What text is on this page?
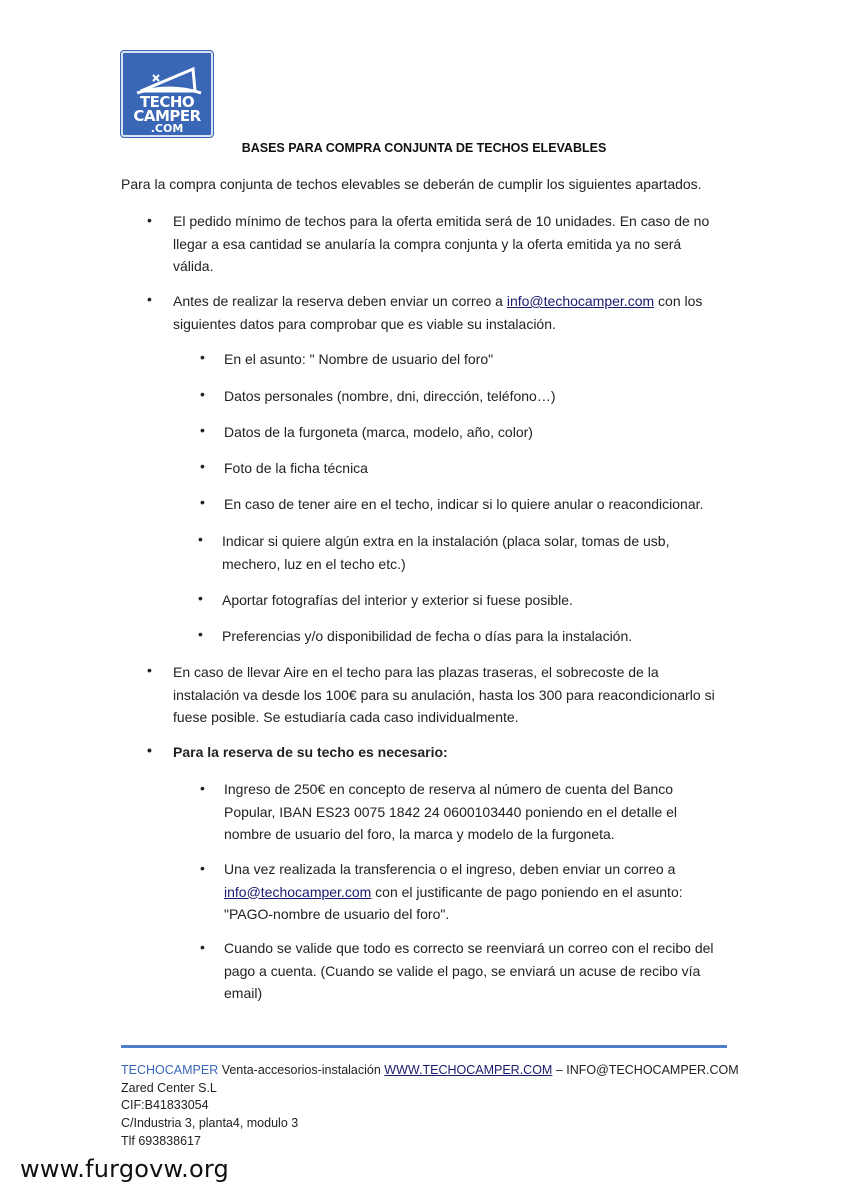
TECHO
CAMPER
.COM
BASES PARA COMPRA CONJUNTA DE TECHOS ELEVABLES
Para la compra conjunta de techos elevables se deberán de cumplir los siguientes apartados.
• El pedido mínimo de techos para la oferta emitida será de 10 unidades. En caso de no
llegar a esa cantidad se anularía la compra conjunta y la oferta emitida ya no será
válida.
• Antes de realizar la reserva deben enviar un correo a info@techocamper.com con los
siguientes datos para comprobar que es viable su instalación.
• En el asunto: " Nombre de usuario del foro"
• Datos personales (nombre, dni, dirección, teléfono…)
• Datos de la furgoneta (marca, modelo, año, color)
• Foto de la ficha técnica
• En caso de tener aire en el techo, indicar si lo quiere anular o reacondicionar.
• Indicar si quiere algún extra en la instalación (placa solar, tomas de usb,
mechero, luz en el techo etc.)
• Aportar fotografías del interior y exterior si fuese posible.
• Preferencias y/o disponibilidad de fecha o días para la instalación.
• En caso de llevar Aire en el techo para las plazas traseras, el sobrecoste de la
instalación va desde los 100€ para su anulación, hasta los 300 para reacondicionarlo si
fuese posible. Se estudiaría cada caso individualmente.
• Para la reserva de su techo es necesario:
• Ingreso de 250€ en concepto de reserva al número de cuenta del Banco
Popular, IBAN ES23 0075 1842 24 0600103440 poniendo en el detalle el
nombre de usuario del foro, la marca y modelo de la furgoneta.
• Una vez realizada la transferencia o el ingreso, deben enviar un correo a
info@techocamper.com con el justificante de pago poniendo en el asunto:
"PAGO-nombre de usuario del foro".
• Cuando se valide que todo es correcto se reenviará un correo con el recibo del
pago a cuenta. (Cuando se valide el pago, se enviará un acuse de recibo vía
email)
TECHOCAMPER Venta-accesorios-instalación WWW.TECHOCAMPER.COM – INFO@TECHOCAMPER.COM
Zared Center S.L
CIF:B41833054
C/Industria 3, planta4, modulo 3
Tlf 693838617
www.furgovw.org
